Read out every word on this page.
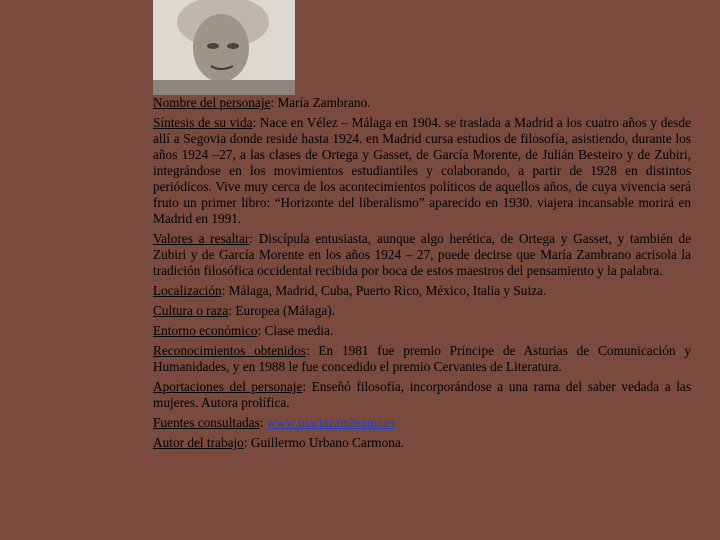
Nombre del personaje: María Zambrano.

Síntesis de su vida: Nace en Vélez – Málaga en 1904. se traslada a Madrid a los cuatro años y desde allí a Segovia donde reside hasta 1924. en Madrid cursa estudios de filosofía, asistiendo, durante los años 1924 –27, a las clases de Ortega y Gasset, de García Morente, de Julián Besteiro y de Zubiri, integrándose en los movimientos estudiantiles y colaborando, a partir de 1928 en distintos periódicos. Vive muy cerca de los acontecimientos políticos de aquellos años, de cuya vivencia será fruto un primer libro: “Horizonte del liberalismo” aparecido en 1930. viajera incansable morirá en Madrid en 1991.

Valores a resaltar: Discípula entusiasta, aunque algo herética, de Ortega y Gasset, y también de Zubiri y de García Morente en los años 1924 – 27, puede decirse que María Zambrano acrisola la tradición filosófica occidental recibida por boca de estos maestros del pensamiento y la palabra.

Localización: Málaga, Madrid, Cuba, Puerto Rico, México, Italia y Suiza.

Cultura o raza: Europea (Málaga).

Entorno económico: Clase media.

Reconocimientos obtenidos: En 1981 fue premio Príncipe de Asturias de Comunicación y Humanidades, y en 1988 le fue concedido el premio Cervantes de Literatura.

Aportaciones del personaje: Enseñó filosofía, incorporándose a una rama del saber vedada a las mujeres. Autora prolífica.

Fuentes consultadas: www.mariazambrano.es

Autor del trabajo: Guillermo Urbano Carmona.
